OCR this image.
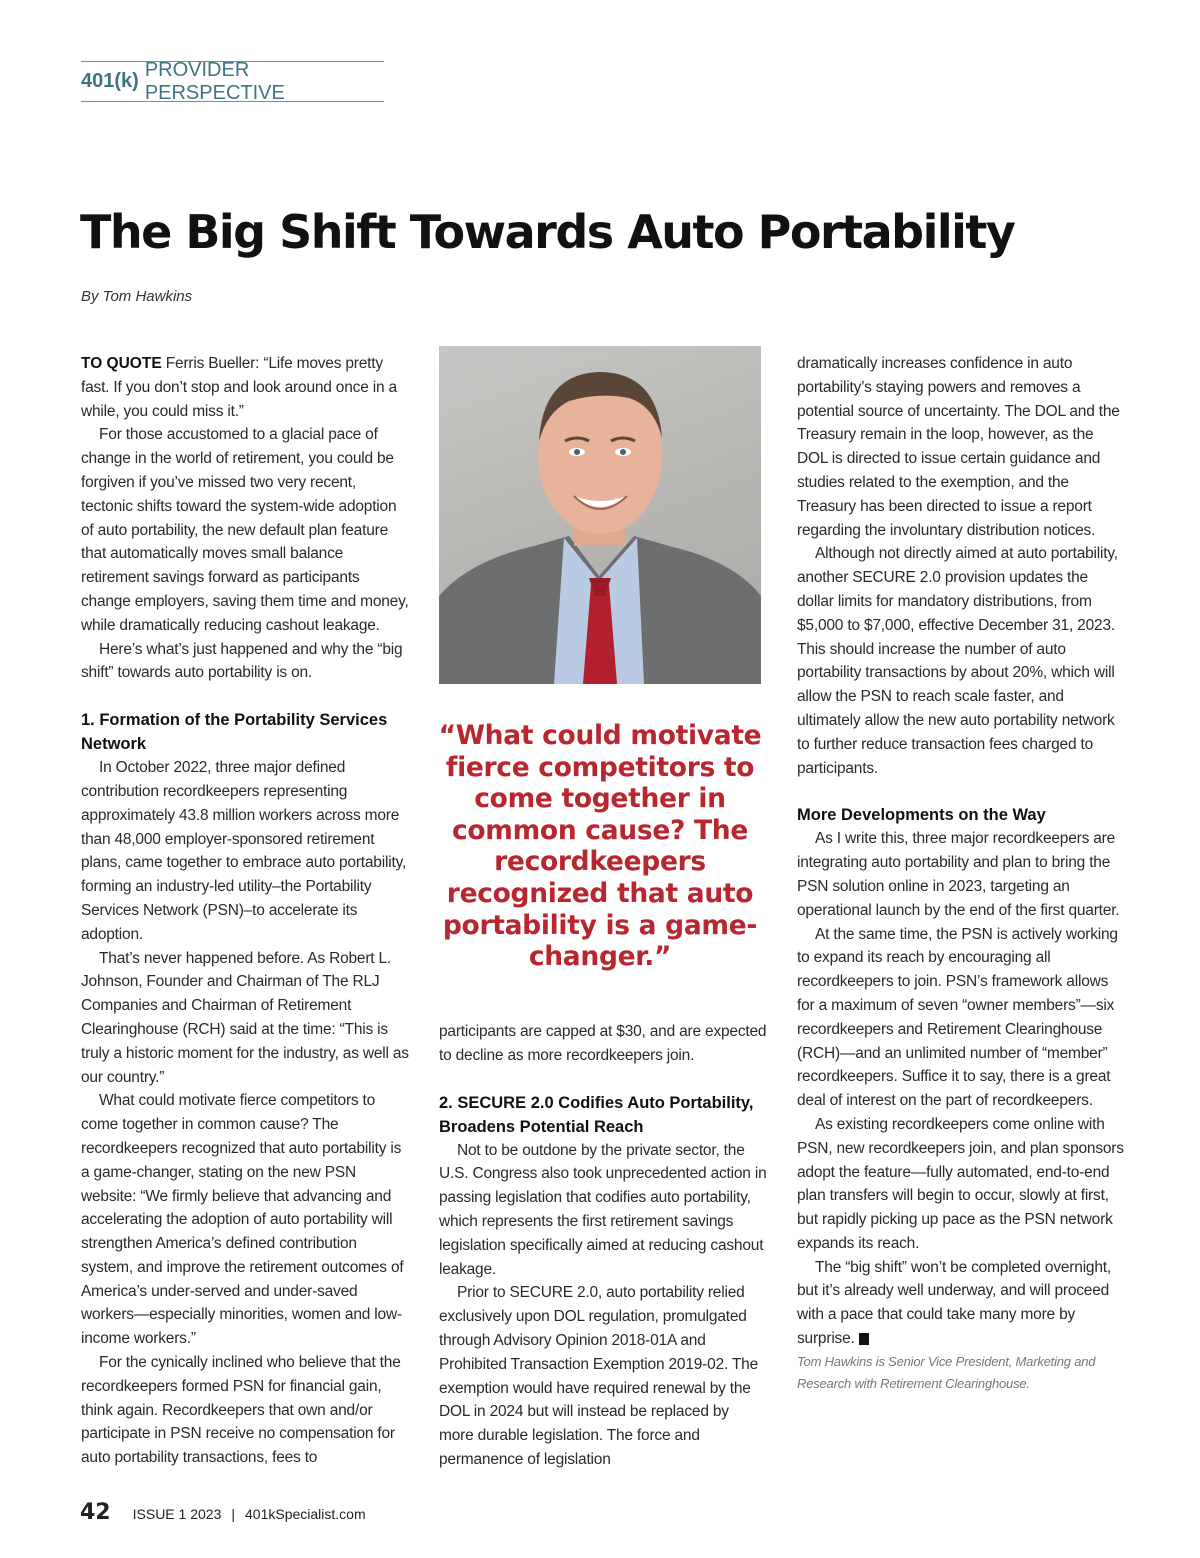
401(k)
PROVIDER PERSPECTIVE
The Big Shift Towards Auto Portability
By Tom Hawkins

TO QUOTE Ferris Bueller: “Life moves pretty fast. If you don’t stop and look around once in a while, you could miss it.”

For those accustomed to a glacial pace of change in the world of retirement, you could be forgiven if you’ve missed two very recent, tectonic shifts toward the system-wide adoption of auto portability, the new default plan feature that automatically moves small balance retirement savings forward as participants change employers, saving them time and money, while dramatically reducing cashout leakage.

Here’s what’s just happened and why the “big shift” towards auto portability is on.

1. Formation of the Portability Services Network

In October 2022, three major defined contribution recordkeepers representing approximately 43.8 million workers across more than 48,000 employer-sponsored retirement plans, came together to embrace auto portability, forming an industry-led utility–the Portability Services Network (PSN)–to accelerate its adoption.

That’s never happened before. As Robert L. Johnson, Founder and Chairman of The RLJ Companies and Chairman of Retirement Clearinghouse (RCH) said at the time: “This is truly a historic moment for the industry, as well as our country.”

What could motivate fierce competitors to come together in common cause? The recordkeepers recognized that auto portability is a game-changer, stating on the new PSN website: “We firmly believe that advancing and accelerating the adoption of auto portability will strengthen America’s defined contribution system, and improve the retirement outcomes of America’s under-served and under-saved workers—especially minorities, women and low-income workers.”

For the cynically inclined who believe that the recordkeepers formed PSN for financial gain, think again. Recordkeepers that own and/or participate in PSN receive no compensation for auto portability transactions, fees to

“What could motivate fierce competitors to come together in common cause? The recordkeepers recognized that auto portability is a game-changer.”

participants are capped at $30, and are expected to decline as more recordkeepers join.

2. SECURE 2.0 Codifies Auto Portability, Broadens Potential Reach

Not to be outdone by the private sector, the U.S. Congress also took unprecedented action in passing legislation that codifies auto portability, which represents the first retirement savings legislation specifically aimed at reducing cashout leakage.

Prior to SECURE 2.0, auto portability relied exclusively upon DOL regulation, promulgated through Advisory Opinion 2018-01A and Prohibited Transaction Exemption 2019-02. The exemption would have required renewal by the DOL in 2024 but will instead be replaced by more durable legislation. The force and permanence of legislation

dramatically increases confidence in auto portability’s staying powers and removes a potential source of uncertainty. The DOL and the Treasury remain in the loop, however, as the DOL is directed to issue certain guidance and studies related to the exemption, and the Treasury has been directed to issue a report regarding the involuntary distribution notices.

Although not directly aimed at auto portability, another SECURE 2.0 provision updates the dollar limits for mandatory distributions, from $5,000 to $7,000, effective December 31, 2023. This should increase the number of auto portability transactions by about 20%, which will allow the PSN to reach scale faster, and ultimately allow the new auto portability network to further reduce transaction fees charged to participants.

More Developments on the Way

As I write this, three major recordkeepers are integrating auto portability and plan to bring the PSN solution online in 2023, targeting an operational launch by the end of the first quarter.

At the same time, the PSN is actively working to expand its reach by encouraging all recordkeepers to join. PSN’s framework allows for a maximum of seven “owner members”—six recordkeepers and Retirement Clearinghouse (RCH)—and an unlimited number of “member” recordkeepers. Suffice it to say, there is a great deal of interest on the part of recordkeepers.

As existing recordkeepers come online with PSN, new recordkeepers join, and plan sponsors adopt the feature—fully automated, end-to-end plan transfers will begin to occur, slowly at first, but rapidly picking up pace as the PSN network expands its reach.

The “big shift” won’t be completed overnight, but it’s already well underway, and will proceed with a pace that could take many more by surprise.	K

Tom Hawkins is Senior Vice President, Marketing and Research with Retirement Clearinghouse.

42 ISSUE 1 2023 | 401kSpecialist.com
